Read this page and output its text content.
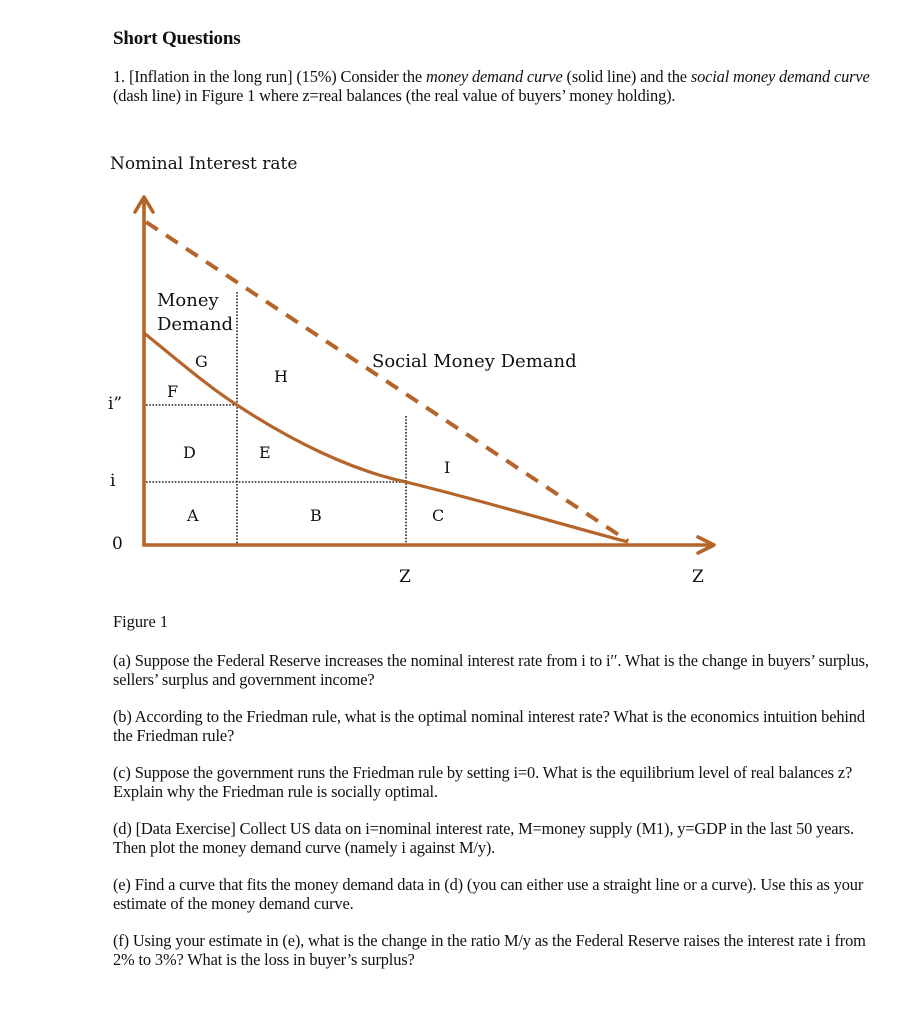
Short Questions
1. [Inflation in the long run] (15%) Consider the money demand curve (solid line) and the social money demand curve (dash line) in Figure 1 where z=real balances (the real value of buyers’ money holding).
Nominal Interest rate
Money
Demand
Social Money Demand
i”
i
0
Z	Z
A	B	C
D	E
F
G
H
I
Figure 1
(a) Suppose the Federal Reserve increases the nominal interest rate from i to i′′. What is the change in buyers’ surplus, sellers’ surplus and government income?
(b) According to the Friedman rule, what is the optimal nominal interest rate? What is the economics intuition behind the Friedman rule?
(c) Suppose the government runs the Friedman rule by setting i=0. What is the equilibrium level of real balances z? Explain why the Friedman rule is socially optimal.
(d) [Data Exercise] Collect US data on i=nominal interest rate, M=money supply (M1), y=GDP in the last 50 years. Then plot the money demand curve (namely i against M/y).
(e) Find a curve that fits the money demand data in (d) (you can either use a straight line or a curve). Use this as your estimate of the money demand curve.
(f) Using your estimate in (e), what is the change in the ratio M/y as the Federal Reserve raises the interest rate i from 2% to 3%? What is the loss in buyer’s surplus?
